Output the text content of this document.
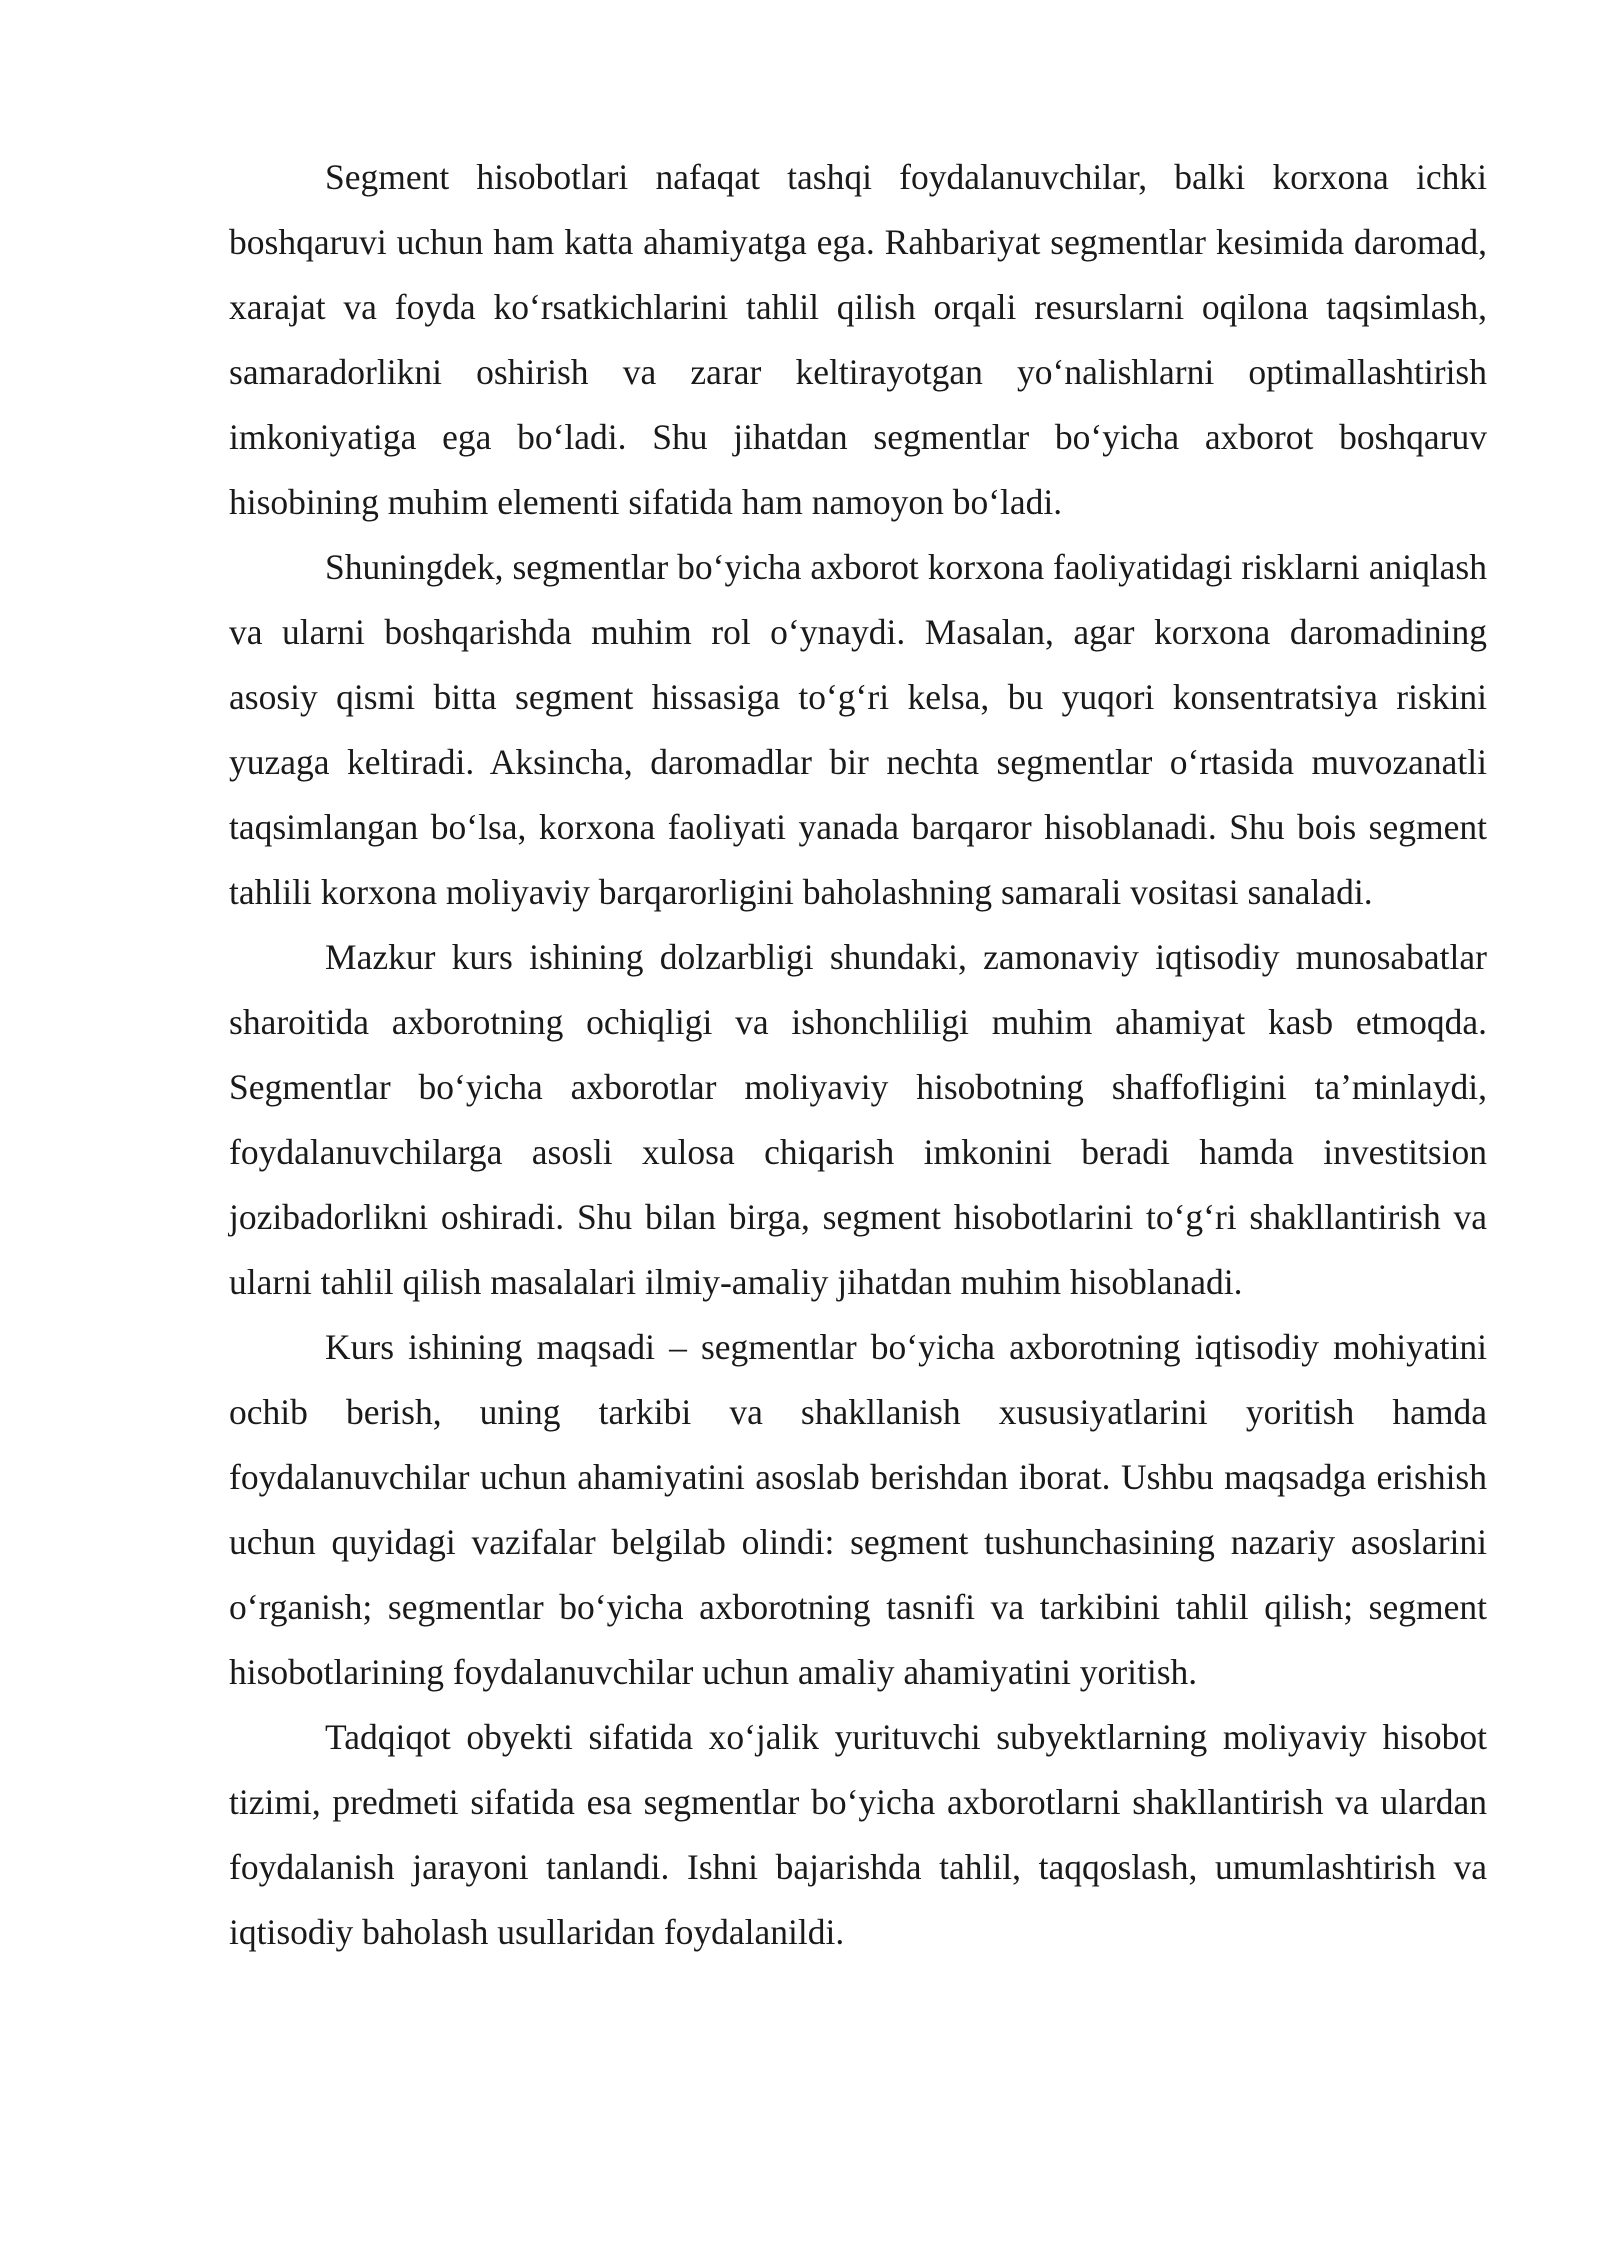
Segment hisobotlari nafaqat tashqi foydalanuvchilar, balki korxona ichki boshqaruvi uchun ham katta ahamiyatga ega. Rahbariyat segmentlar kesimida daromad, xarajat va foyda koʻrsatkichlarini tahlil qilish orqali resurslarni oqilona taqsimlash, samaradorlikni oshirish va zarar keltirayotgan yoʻnalishlarni optimallashtirish imkoniyatiga ega boʻladi. Shu jihatdan segmentlar boʻyicha axborot boshqaruv hisobining muhim elementi sifatida ham namoyon boʻladi.

Shuningdek, segmentlar boʻyicha axborot korxona faoliyatidagi risklarni aniqlash va ularni boshqarishda muhim rol oʻynaydi. Masalan, agar korxona daromadining asosiy qismi bitta segment hissasiga toʻgʻri kelsa, bu yuqori konsentratsiya riskini yuzaga keltiradi. Aksincha, daromadlar bir nechta segmentlar oʻrtasida muvozanatli taqsimlangan boʻlsa, korxona faoliyati yanada barqaror hisoblanadi. Shu bois segment tahlili korxona moliyaviy barqarorligini baholashning samarali vositasi sanaladi.

Mazkur kurs ishining dolzarbligi shundaki, zamonaviy iqtisodiy munosabatlar sharoitida axborotning ochiqligi va ishonchliligi muhim ahamiyat kasb etmoqda. Segmentlar boʻyicha axborotlar moliyaviy hisobotning shaffofligini taʼminlaydi, foydalanuvchilarga asosli xulosa chiqarish imkonini beradi hamda investitsion jozibadorlikni oshiradi. Shu bilan birga, segment hisobotlarini toʻgʻri shakllantirish va ularni tahlil qilish masalalari ilmiy-amaliy jihatdan muhim hisoblanadi.

Kurs ishining maqsadi – segmentlar boʻyicha axborotning iqtisodiy mohiyatini ochib berish, uning tarkibi va shakllanish xususiyatlarini yoritish hamda foydalanuvchilar uchun ahamiyatini asoslab berishdan iborat. Ushbu maqsadga erishish uchun quyidagi vazifalar belgilab olindi: segment tushunchasining nazariy asoslarini oʻrganish; segmentlar boʻyicha axborotning tasnifi va tarkibini tahlil qilish; segment hisobotlarining foydalanuvchilar uchun amaliy ahamiyatini yoritish.

Tadqiqot obyekti sifatida xoʻjalik yurituvchi subyektlarning moliyaviy hisobot tizimi, predmeti sifatida esa segmentlar boʻyicha axborotlarni shakllantirish va ulardan foydalanish jarayoni tanlandi. Ishni bajarishda tahlil, taqqoslash, umumlashtirish va iqtisodiy baholash usullaridan foydalanildi.
